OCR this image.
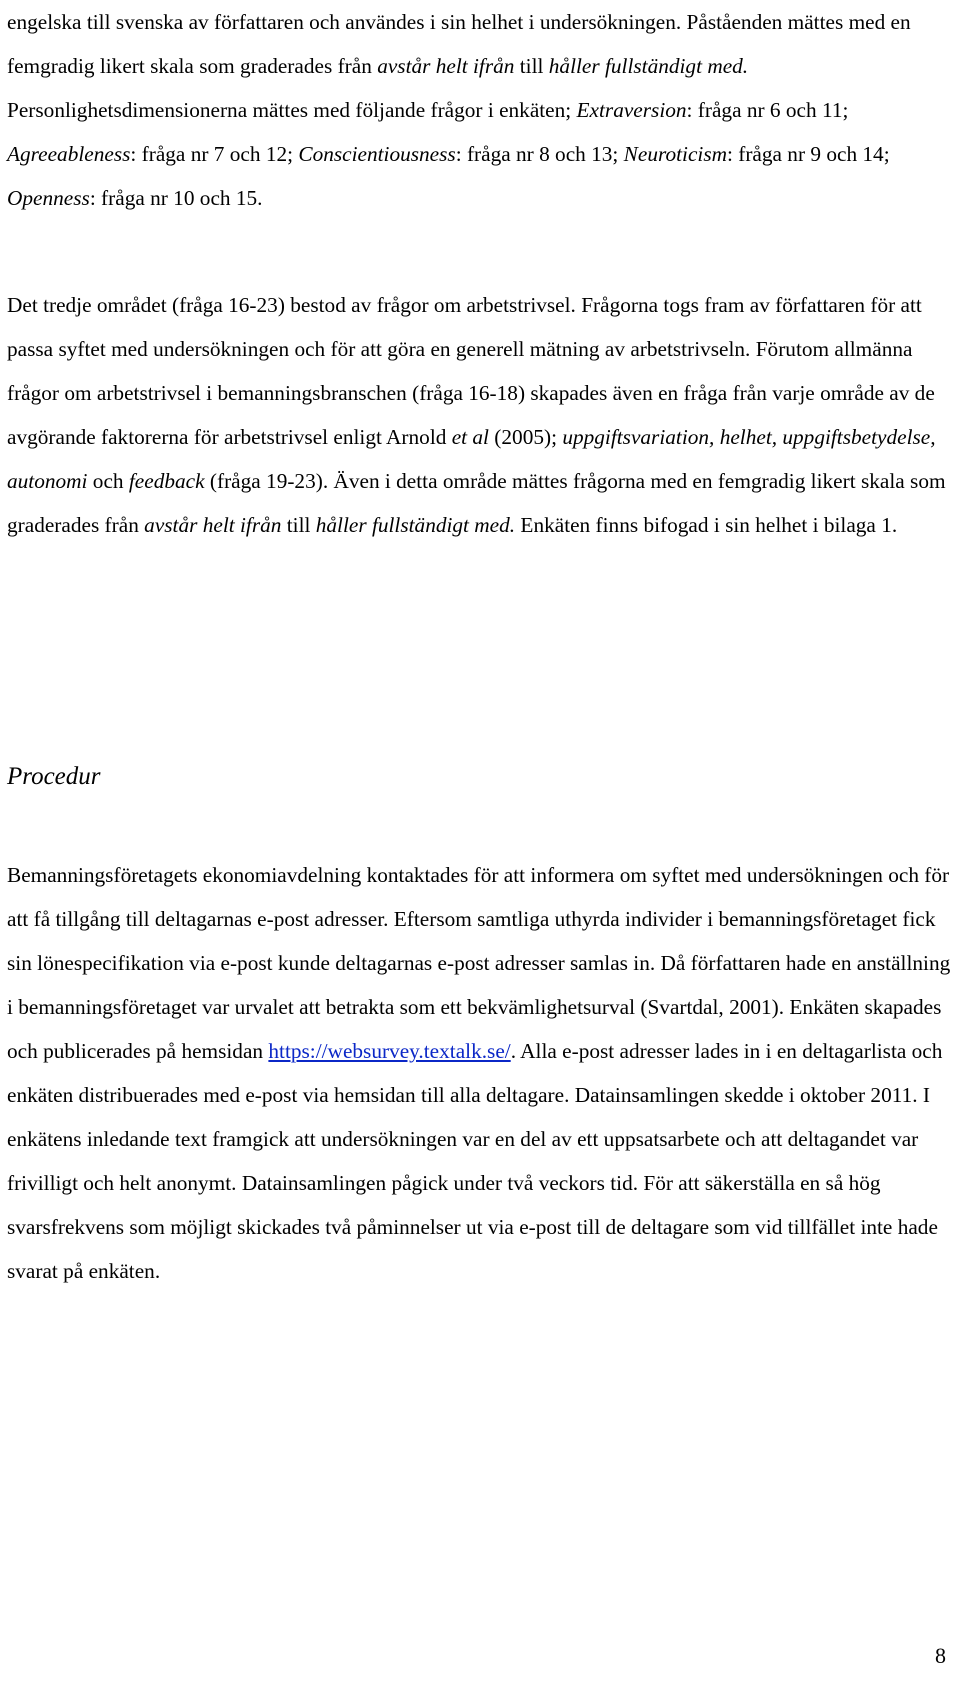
engelska till svenska av författaren och användes i sin helhet i undersökningen. Påståenden mättes med en femgradig likert skala som graderades från avstår helt ifrån till håller fullständigt med. Personlighetsdimensionerna mättes med följande frågor i enkäten; Extraversion: fråga nr 6 och 11; Agreeableness: fråga nr 7 och 12; Conscientiousness: fråga nr 8 och 13; Neuroticism: fråga nr 9 och 14; Openness: fråga nr 10 och 15.

Det tredje området (fråga 16-23) bestod av frågor om arbetstrivsel. Frågorna togs fram av författaren för att passa syftet med undersökningen och för att göra en generell mätning av arbetstrivseln. Förutom allmänna frågor om arbetstrivsel i bemanningsbranschen (fråga 16-18) skapades även en fråga från varje område av de avgörande faktorerna för arbetstrivsel enligt Arnold et al (2005); uppgiftsvariation, helhet, uppgiftsbetydelse, autonomi och feedback (fråga 19-23). Även i detta område mättes frågorna med en femgradig likert skala som graderades från avstår helt ifrån till håller fullständigt med. Enkäten finns bifogad i sin helhet i bilaga 1.

Procedur

Bemanningsföretagets ekonomiavdelning kontaktades för att informera om syftet med undersökningen och för att få tillgång till deltagarnas e-post adresser. Eftersom samtliga uthyrda individer i bemanningsföretaget fick sin lönespecifikation via e-post kunde deltagarnas e-post adresser samlas in. Då författaren hade en anställning i bemanningsföretaget var urvalet att betrakta som ett bekvämlighetsurval (Svartdal, 2001). Enkäten skapades och publicerades på hemsidan https://websurvey.textalk.se/. Alla e-post adresser lades in i en deltagarlista och enkäten distribuerades med e-post via hemsidan till alla deltagare. Datainsamlingen skedde i oktober 2011. I enkätens inledande text framgick att undersökningen var en del av ett uppsatsarbete och att deltagandet var frivilligt och helt anonymt. Datainsamlingen pågick under två veckors tid. För att säkerställa en så hög svarsfrekvens som möjligt skickades två påminnelser ut via e-post till de deltagare som vid tillfället inte hade svarat på enkäten.

8
